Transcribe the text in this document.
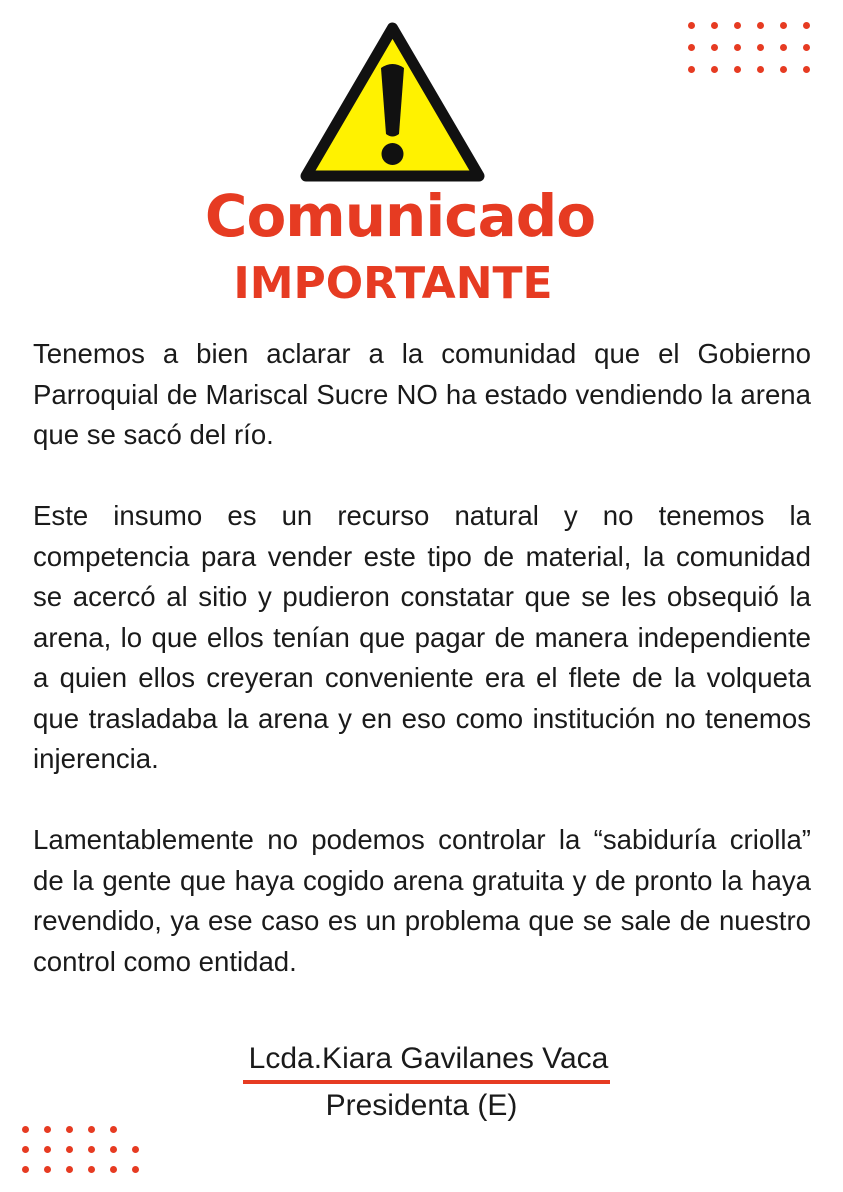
Comunicado
IMPORTANTE

Tenemos a bien aclarar a la comunidad que el Gobierno Parroquial de Mariscal Sucre NO ha estado vendiendo la arena que se sacó del río.

Este insumo es un recurso natural y no tenemos la competencia para vender este tipo de material, la comunidad se acercó al sitio y pudieron constatar que se les obsequió la arena, lo que ellos tenían que pagar de manera independiente a quien ellos creyeran conveniente era el flete de la volqueta que trasladaba la arena y en eso como institución no tenemos injerencia.

Lamentablemente no podemos controlar la “sabiduría criolla” de la gente que haya cogido arena gratuita y de pronto la haya revendido, ya ese caso es un problema que se sale de nuestro control como entidad.

Lcda.Kiara Gavilanes Vaca
Presidenta (E)
